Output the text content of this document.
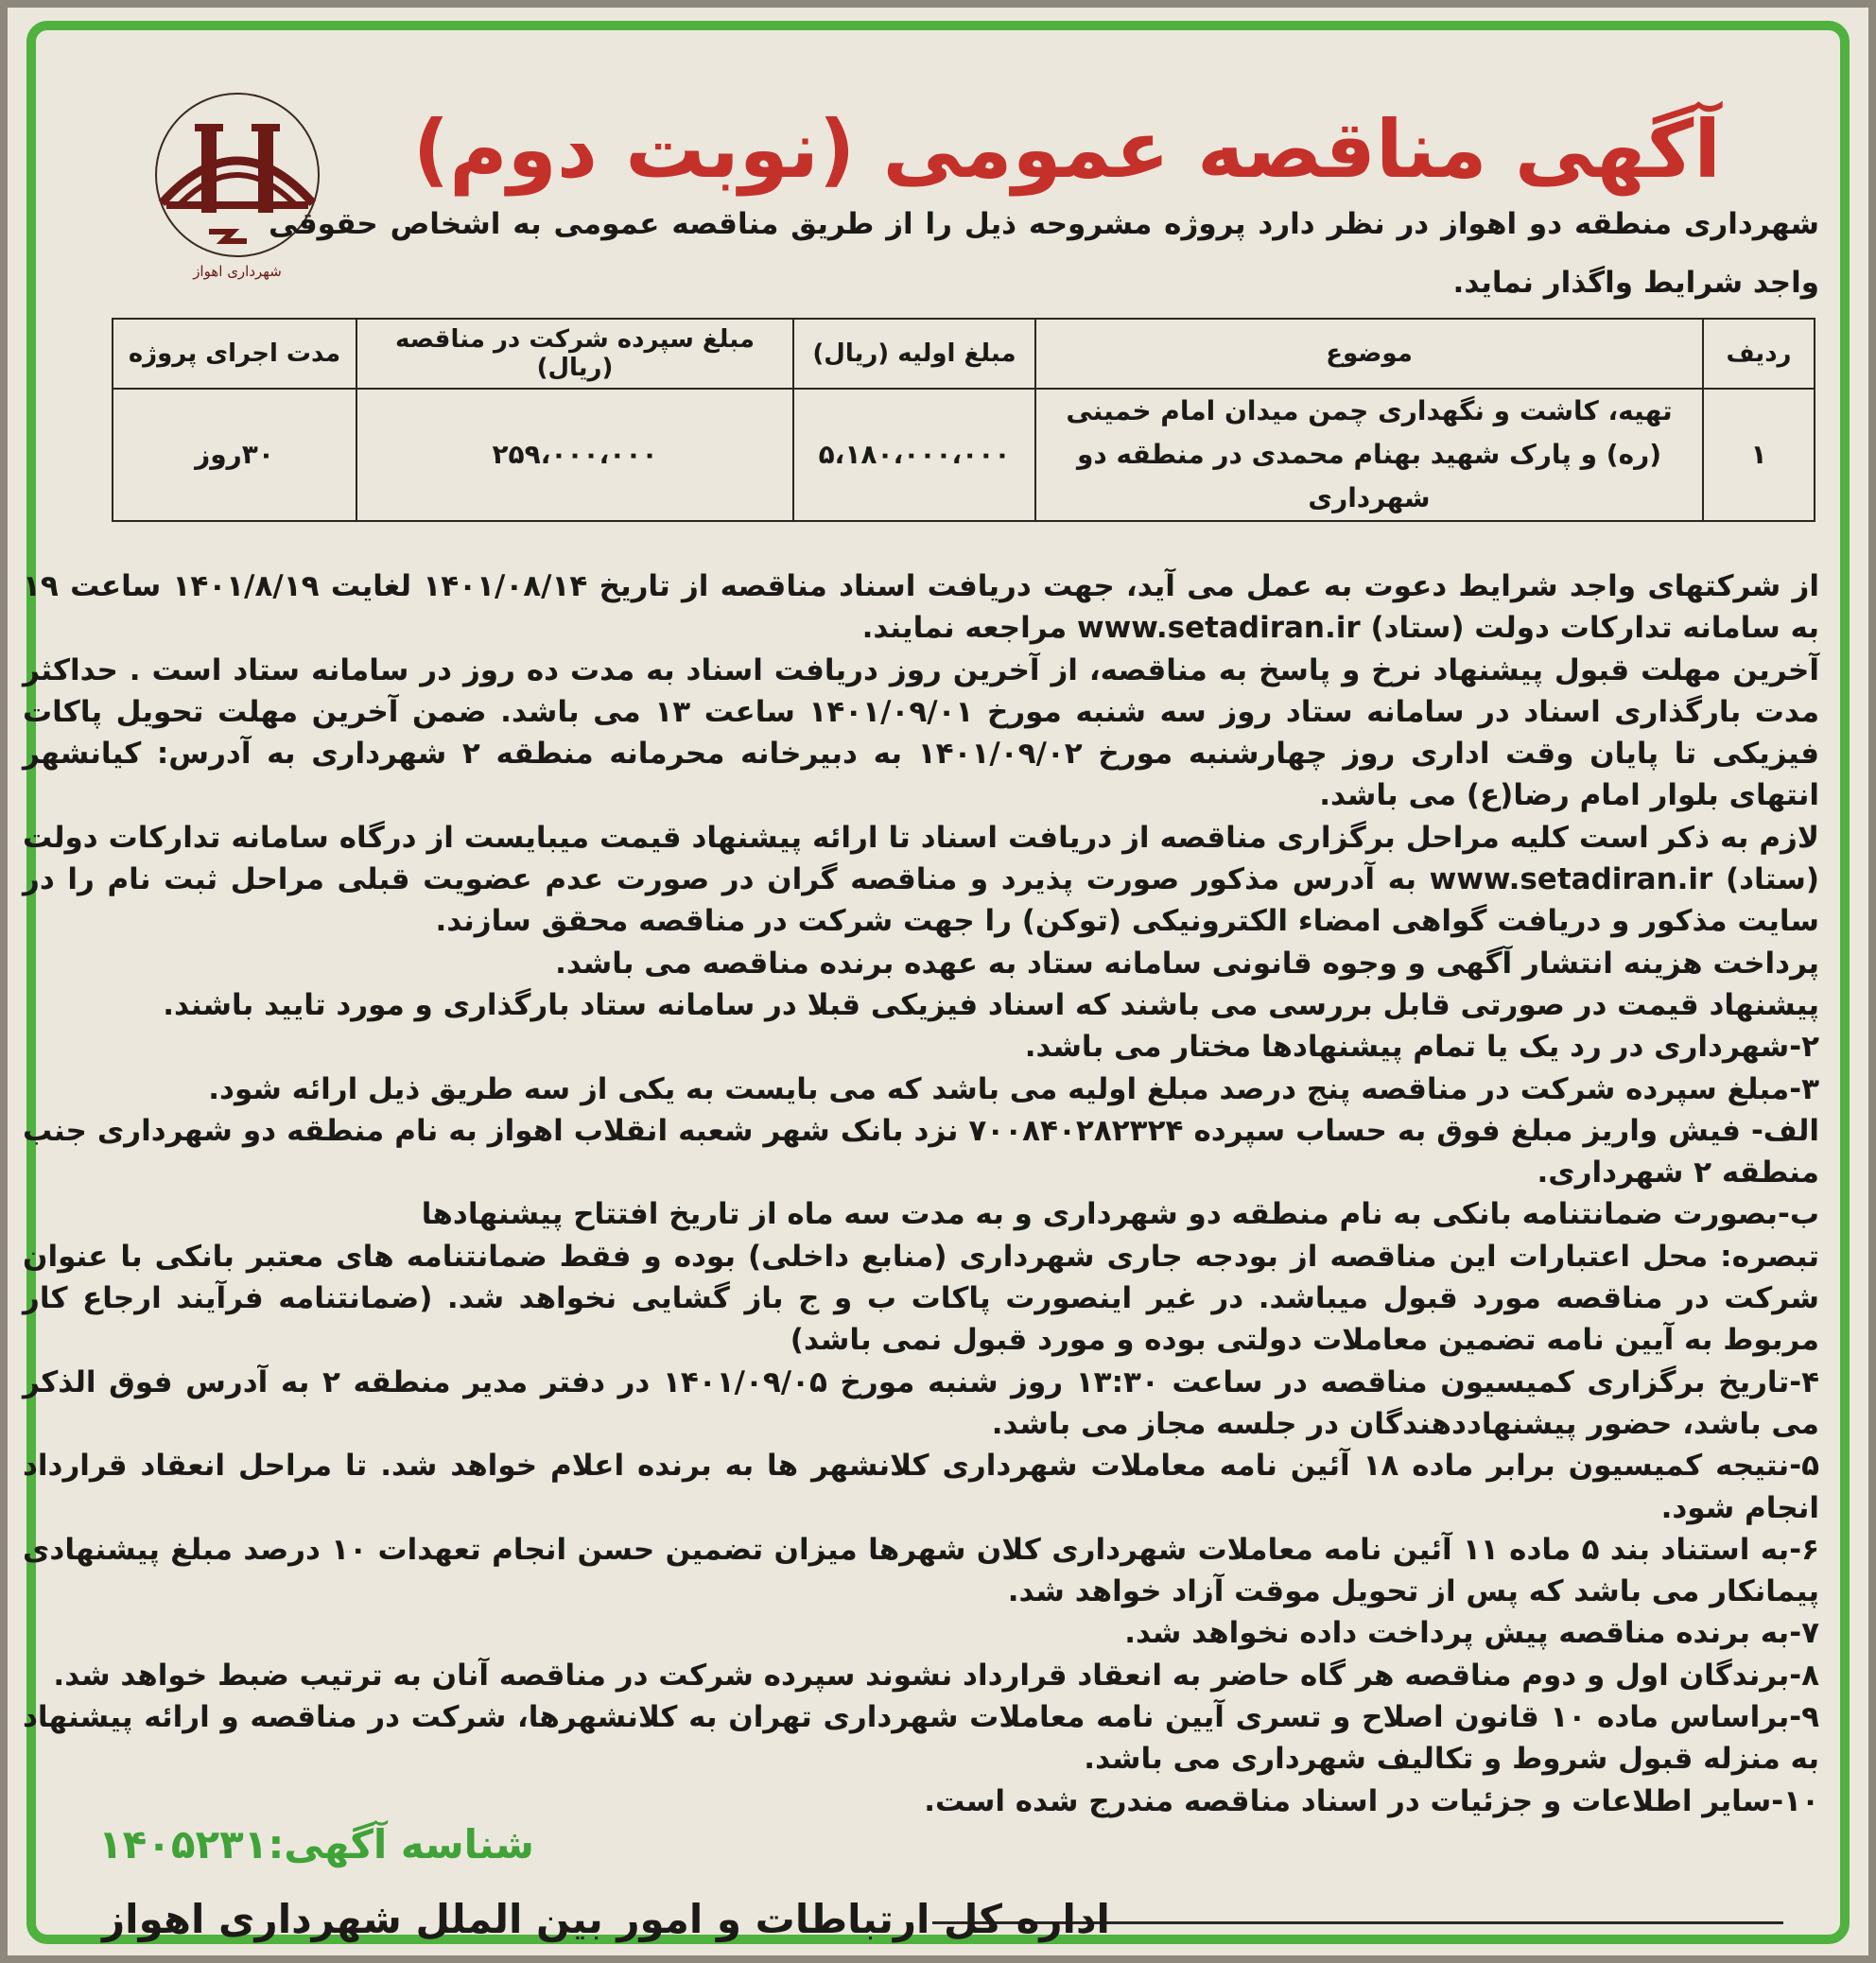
شهرداری اهواز
آگهی مناقصه عمومی (نوبت دوم)
شهرداری منطقه دو اهواز در نظر دارد پروژه مشروحه ذیل را از طریق مناقصه عمومی به اشخاص حقوقی واجد شرایط واگذار نماید.
ردیف	موضوع	مبلغ اولیه (ریال)	مبلغ سپرده شرکت در مناقصه (ریال)	مدت اجرای پروژه
۱	تهیه، کاشت و نگهداری چمن میدان امام خمینی (ره) و پارک شهید بهنام محمدی در منطقه دو شهرداری	۵،۱۸۰،۰۰۰،۰۰۰	۲۵۹،۰۰۰،۰۰۰	۳۰روز

از شرکتهای واجد شرایط دعوت به عمل می آید، جهت دریافت اسناد مناقصه از تاریخ ۱۴۰۱/۰۸/۱۴ لغایت ۱۴۰۱/۸/۱۹ ساعت ۱۹ به سامانه تدارکات دولت (ستاد) www.setadiran.ir مراجعه نمایند.

آخرین مهلت قبول پیشنهاد نرخ و پاسخ به مناقصه، از آخرین روز دریافت اسناد به مدت ده روز در سامانه ستاد است . حداکثر مدت بارگذاری اسناد در سامانه ستاد روز سه شنبه مورخ ۱۴۰۱/۰۹/۰۱ ساعت ۱۳ می باشد. ضمن آخرین مهلت تحویل پاکات فیزیکی تا پایان وقت اداری روز چهارشنبه مورخ ۱۴۰۱/۰۹/۰۲ به دبیرخانه محرمانه منطقه ۲ شهرداری به آدرس: کیانشهر انتهای بلوار امام رضا(ع) می باشد.

لازم به ذکر است کلیه مراحل برگزاری مناقصه از دریافت اسناد تا ارائه پیشنهاد قیمت میبایست از درگاه سامانه تدارکات دولت (ستاد) www.setadiran.ir به آدرس مذکور صورت پذیرد و مناقصه گران در صورت عدم عضویت قبلی مراحل ثبت نام را در سایت مذکور و دریافت گواهی امضاء الکترونیکی (توکن) را جهت شرکت در مناقصه محقق سازند.

پرداخت هزینه انتشار آگهی و وجوه قانونی سامانه ستاد به عهده برنده مناقصه می باشد.

پیشنهاد قیمت در صورتی قابل بررسی می باشند که اسناد فیزیکی قبلا در سامانه ستاد بارگذاری و مورد تایید باشند.

۲-شهرداری در رد یک یا تمام پیشنهادها مختار می باشد.

۳-مبلغ سپرده شرکت در مناقصه پنج درصد مبلغ اولیه می باشد که می بایست به یکی از سه طریق ذیل ارائه شود.

الف- فیش واریز مبلغ فوق به حساب سپرده ۷۰۰۸۴۰۲۸۲۳۲۴ نزد بانک شهر شعبه انقلاب اهواز به نام منطقه دو شهرداری جنب منطقه ۲ شهرداری.

ب-بصورت ضمانتنامه بانکی به نام منطقه دو شهرداری و به مدت سه ماه از تاریخ افتتاح پیشنهادها

تبصره: محل اعتبارات این مناقصه از بودجه جاری شهرداری (منابع داخلی) بوده و فقط ضمانتنامه های معتبر بانکی با عنوان شرکت در مناقصه مورد قبول میباشد. در غیر اینصورت پاکات ب و ج باز گشایی نخواهد شد. (ضمانتنامه فرآیند ارجاع کار مربوط به آیین نامه تضمین معاملات دولتی بوده و مورد قبول نمی باشد)

۴-تاریخ برگزاری کمیسیون مناقصه در ساعت ۱۳:۳۰ روز شنبه مورخ ۱۴۰۱/۰۹/۰۵ در دفتر مدیر منطقه ۲ به آدرس فوق الذکر می باشد، حضور پیشنهاددهندگان در جلسه مجاز می باشد.

۵-نتیجه کمیسیون برابر ماده ۱۸ آئین نامه معاملات شهرداری کلانشهر ها به برنده اعلام خواهد شد. تا مراحل انعقاد قرارداد انجام شود.

۶-به استناد بند ۵ ماده ۱۱ آئین نامه معاملات شهرداری کلان شهرها میزان تضمین حسن انجام تعهدات ۱۰ درصد مبلغ پیشنهادی پیمانکار می باشد که پس از تحویل موقت آزاد خواهد شد.

۷-به برنده مناقصه پیش پرداخت داده نخواهد شد.

۸-برندگان اول و دوم مناقصه هر گاه حاضر به انعقاد قرارداد نشوند سپرده شرکت در مناقصه آنان به ترتیب ضبط خواهد شد.

۹-براساس ماده ۱۰ قانون اصلاح و تسری آیین نامه معاملات شهرداری تهران به کلانشهرها، شرکت در مناقصه و ارائه پیشنهاد به منزله قبول شروط و تکالیف شهرداری می باشد.

۱۰-سایر اطلاعات و جزئیات در اسناد مناقصه مندرج شده است.

شناسه آگهی:۱۴۰۵۲۳۱
اداره کل ارتباطات و امور بین الملل شهرداری اهواز
